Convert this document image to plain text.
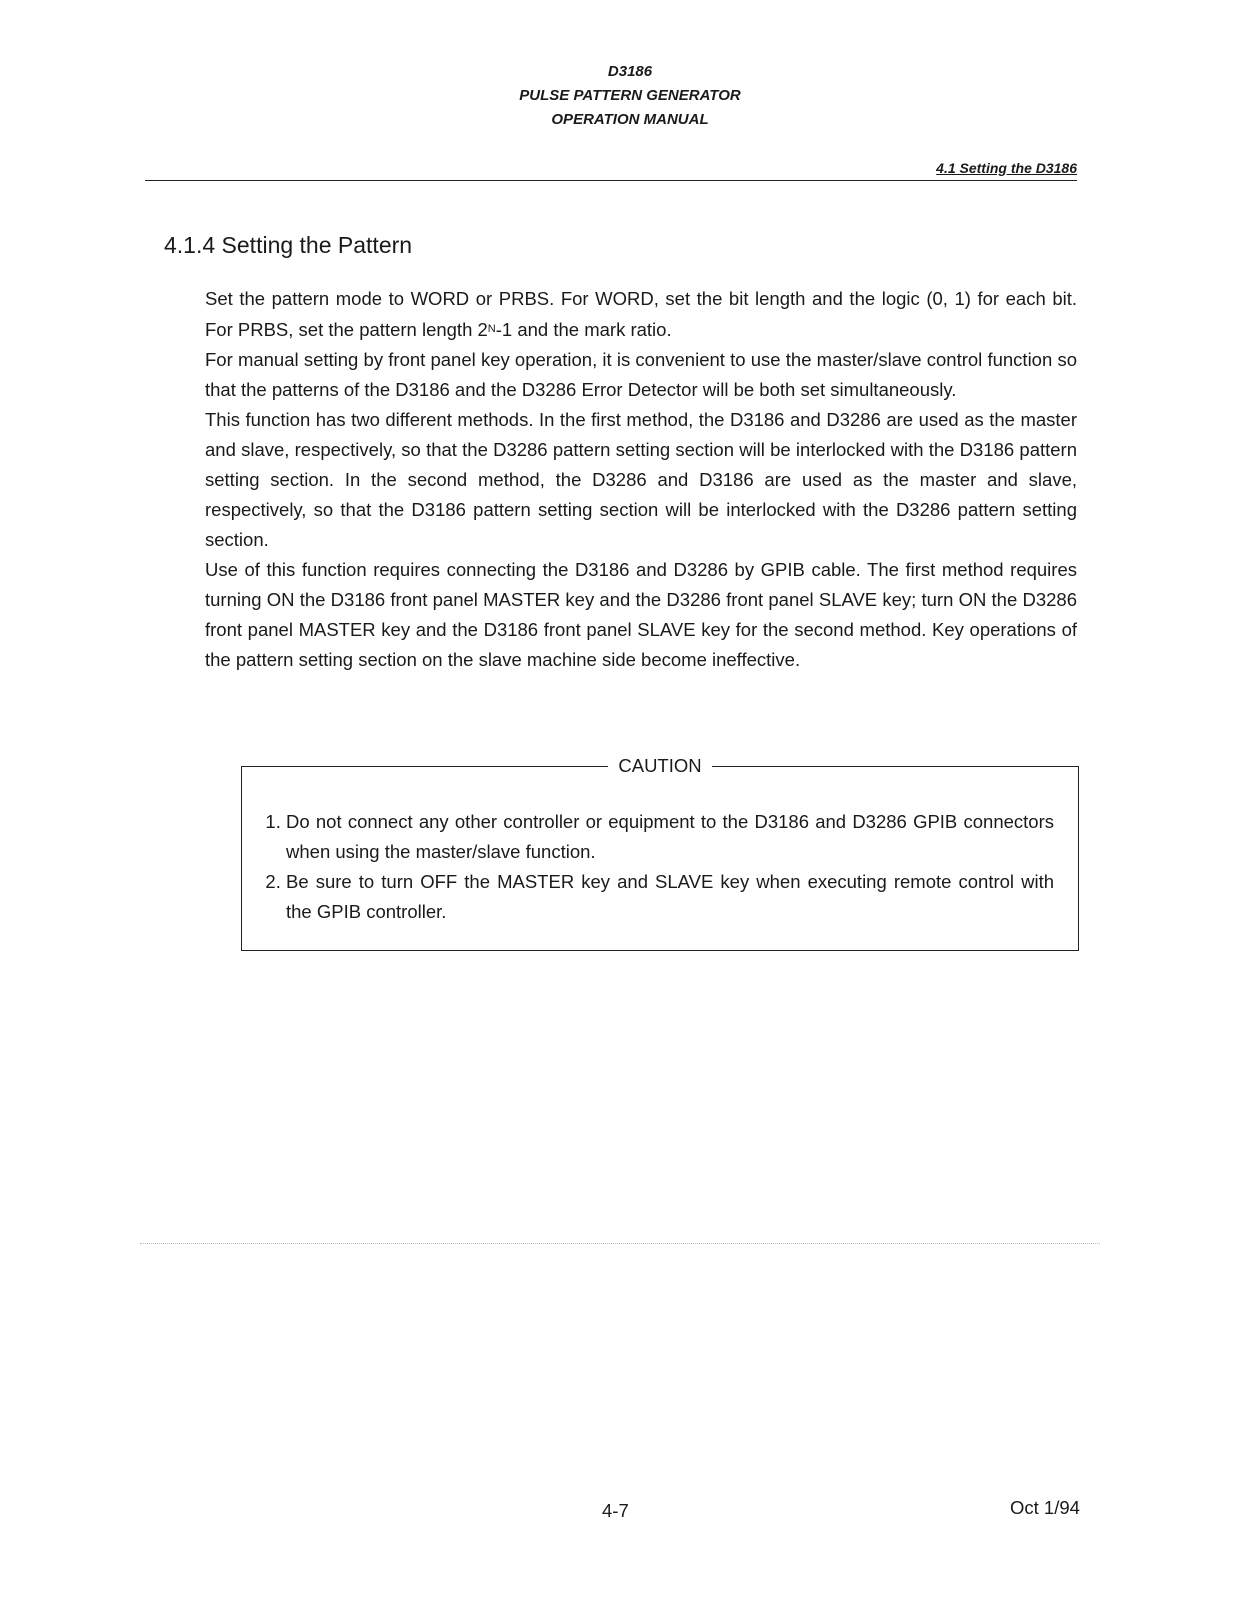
D3186
PULSE PATTERN GENERATOR
OPERATION MANUAL
4.1 Setting the D3186
4.1.4 Setting the Pattern

Set the pattern mode to WORD or PRBS. For WORD, set the bit length and the logic (0, 1) for each bit. For PRBS, set the pattern length $2^N-1$ and the mark ratio.

For manual setting by front panel key operation, it is convenient to use the master/slave control function so that the patterns of the D3186 and the D3286 Error Detector will be both set simultaneously.

This function has two different methods. In the first method, the D3186 and D3286 are used as the master and slave, respectively, so that the D3286 pattern setting section will be interlocked with the D3186 pattern setting section. In the second method, the D3286 and D3186 are used as the master and slave, respectively, so that the D3186 pattern setting section will be interlocked with the D3286 pattern setting section.

Use of this function requires connecting the D3186 and D3286 by GPIB cable. The first method requires turning ON the D3186 front panel MASTER key and the D3286 front panel SLAVE key; turn ON the D3286 front panel MASTER key and the D3186 front panel SLAVE key for the second method. Key operations of the pattern setting section on the slave machine side become ineffective.

CAUTION
1. Do not connect any other controller or equipment to the D3186 and D3286 GPIB connectors when using the master/slave function.
2. Be sure to turn OFF the MASTER key and SLAVE key when executing remote control with the GPIB controller.
4-7	Oct 1/94
